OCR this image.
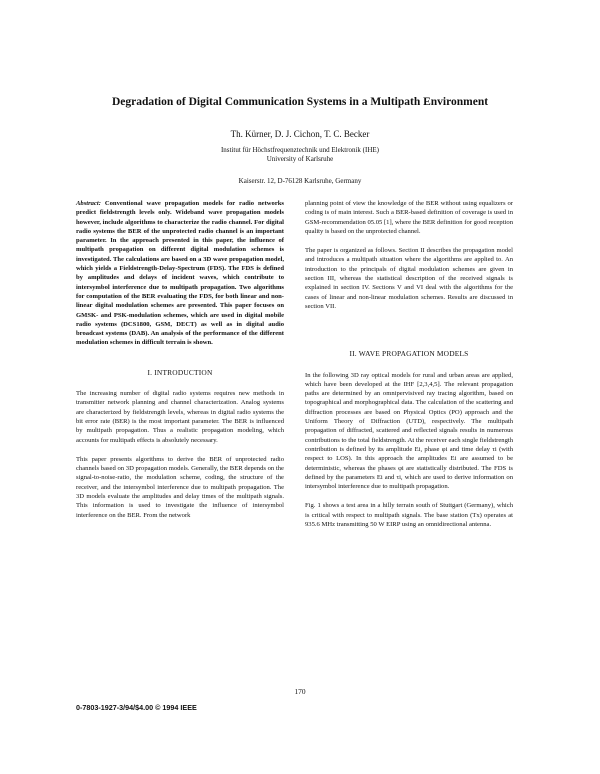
Degradation of Digital Communication Systems in a Multipath Environment
Th. Kürner, D. J. Cichon, T. C. Becker
Institut für Höchstfrequenztechnik und Elektronik (IHE)
University of Karlsruhe
Kaiserstr. 12, D-76128 Karlsruhe, Germany

Abstract: Conventional wave propagation models for radio networks predict fieldstrength levels only. Wideband wave propagation models however, include algorithms to characterize the radio channel. For digital radio systems the BER of the unprotected radio channel is an important parameter. In the approach presented in this paper, the influence of multipath propagation on different digital modulation schemes is investigated. The calculations are based on a 3D wave propagation model, which yields a Fieldstrength-Delay-Spectrum (FDS). The FDS is defined by amplitudes and delays of incident waves, which contribute to intersymbol interference due to multipath propagation. Two algorithms for computation of the BER evaluating the FDS, for both linear and non-linear digital modulation schemes are presented. This paper focuses on GMSK- and PSK-modulation schemes, which are used in digital mobile radio systems (DCS1800, GSM, DECT) as well as in digital audio broadcast systems (DAB). An analysis of the performance of the different modulation schemes in difficult terrain is shown.

I. INTRODUCTION

The increasing number of digital radio systems requires new methods in transmitter network planning and channel characterization. Analog systems are characterized by fieldstrength levels, whereas in digital radio systems the bit error rate (BER) is the most important parameter. The BER is influenced by multipath propagation. Thus a realistic propagation modeling, which accounts for multipath effects is absolutely necessary.

This paper presents algorithms to derive the BER of unprotected radio channels based on 3D propagation models. Generally, the BER depends on the signal-to-noise-ratio, the modulation scheme, coding, the structure of the receiver, and the intersymbol interference due to multipath propagation. The 3D models evaluate the amplitudes and delay times of the multipath signals. This information is used to investigate the influence of intersymbol interference on the BER. From the network

planning point of view the knowledge of the BER without using equalizers or coding is of main interest. Such a BER-based definition of coverage is used in GSM-recommendation 05.05 [1], where the BER definition for good reception quality is based on the unprotected channel.

The paper is organized as follows. Section II describes the propagation model and introduces a multipath situation where the algorithms are applied to. An introduction to the principals of digital modulation schemes are given in section III, whereas the statistical description of the received signals is explained in section IV. Sections V and VI deal with the algorithms for the cases of linear and non-linear modulation schemes. Results are discussed in section VII.

II. WAVE PROPAGATION MODELS

In the following 3D ray optical models for rural and urban areas are applied, which have been developed at the IHF [2,3,4,5]. The relevant propagation paths are determined by an omnipervisived ray tracing algorithm, based on topographical and morphographical data. The calculation of the scattering and diffraction processes are based on Physical Optics (PO) approach and the Uniform Theory of Diffraction (UTD), respectively. The multipath propagation of diffracted, scattered and reflected signals results in numerous contributions to the total fieldstrength. At the receiver each single fieldstrength contribution is defined by its amplitude Ei, phase φi and time delay τi (with respect to LOS). In this approach the amplitudes Ei are assumed to be deterministic, whereas the phases φi are statistically distributed. The FDS is defined by the parameters Ei and τi, which are used to derive information on intersymbol interference due to multipath propagation.

Fig. 1 shows a test area in a hilly terrain south of Stuttgart (Germany), which is critical with respect to multipath signals. The base station (Tx) operates at 935.6 MHz transmitting 50 W EIRP using an omnidirectional antenna.

170
0-7803-1927-3/94/$4.00 © 1994 IEEE
